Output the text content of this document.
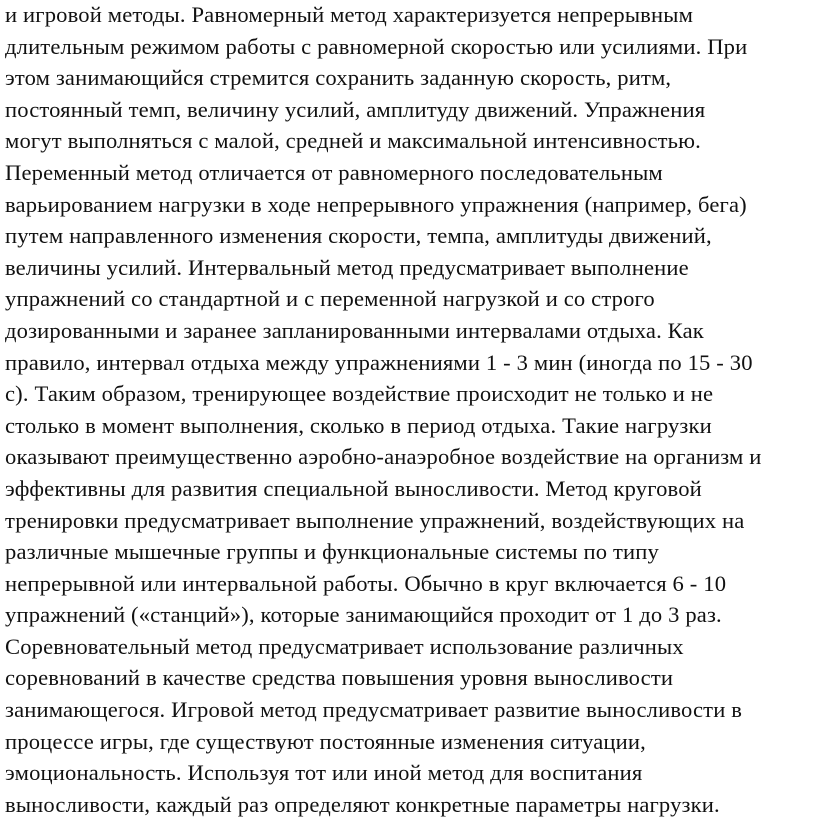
и игровой методы. Равномерный метод характеризуется непрерывным
длительным режимом работы с равномерной скоростью или усилиями. При
этом занимающийся стремится сохранить заданную скорость, ритм,
постоянный темп, величину усилий, амплитуду движений. Упражнения
могут выполняться с малой, средней и максимальной интенсивностью.
Переменный метод отличается от равномерного последовательным
варьированием нагрузки в ходе непрерывного упражнения (например, бега)
путем направленного изменения скорости, темпа, амплитуды движений,
величины усилий. Интервальный метод предусматривает выполнение
упражнений со стандартной и с переменной нагрузкой и со строго
дозированными и заранее запланированными интервалами отдыха. Как
правило, интервал отдыха между упражнениями 1 - 3 мин (иногда по 15 - 30
с). Таким образом, тренирующее воздействие происходит не только и не
столько в момент выполнения, сколько в период отдыха. Такие нагрузки
оказывают преимущественно аэробно-анаэробное воздействие на организм и
эффективны для развития специальной выносливости. Метод круговой
тренировки предусматривает выполнение упражнений, воздействующих на
различные мышечные группы и функциональные системы по типу
непрерывной или интервальной работы. Обычно в круг включается 6 - 10
упражнений («станций»), которые занимающийся проходит от 1 до 3 раз.
Соревновательный метод предусматривает использование различных
соревнований в качестве средства повышения уровня выносливости
занимающегося. Игровой метод предусматривает развитие выносливости в
процессе игры, где существуют постоянные изменения ситуации,
эмоциональность. Используя тот или иной метод для воспитания
выносливости, каждый раз определяют конкретные параметры нагрузки.
